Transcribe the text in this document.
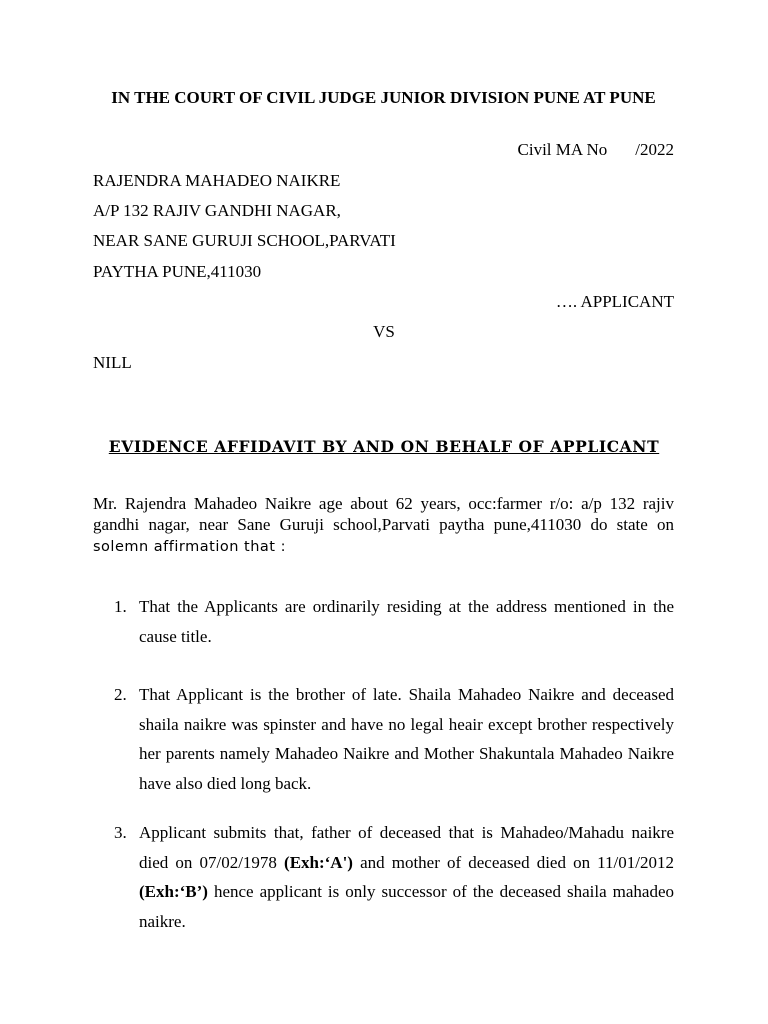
IN THE COURT OF CIVIL JUDGE JUNIOR DIVISION PUNE AT PUNE
Civil MA No /2022
RAJENDRA MAHADEO NAIKRE
A/P 132 RAJIV GANDHI NAGAR,
NEAR SANE GURUJI SCHOOL,PARVATI
PAYTHA PUNE,411030
…. APPLICANT
VS
NILL
EVIDENCE AFFIDAVIT BY AND ON BEHALF OF APPLICANT
Mr. Rajendra Mahadeo Naikre age about 62 years, occ:farmer r/o: a/p 132 rajiv gandhi nagar, near Sane Guruji school,Parvati paytha pune,411030 do state on solemn affirmation that :
1. That the Applicants are ordinarily residing at the address mentioned in the cause title.
2. That Applicant is the brother of late. Shaila Mahadeo Naikre and deceased shaila naikre was spinster and have no legal heair except brother respectively her parents namely Mahadeo Naikre and Mother Shakuntala Mahadeo Naikre have also died long back.
3. Applicant submits that, father of deceased that is Mahadeo/Mahadu naikre died on 07/02/1978 (Exh:‘A') and mother of deceased died on 11/01/2012 (Exh:‘B’) hence applicant is only successor of the deceased shaila mahadeo naikre.
